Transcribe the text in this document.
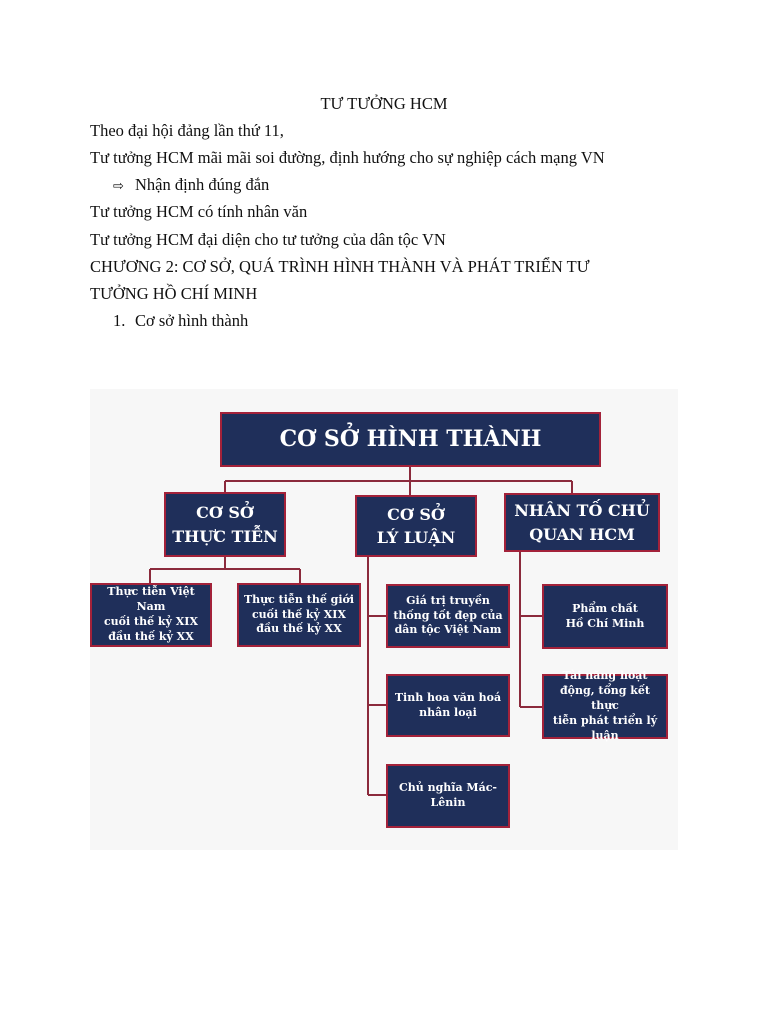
TƯ TƯỞNG HCM
Theo đại hội đảng lần thứ 11,
Tư tưởng HCM mãi mãi soi đường, định hướng cho sự nghiệp cách mạng VN
⇨ Nhận định đúng đắn
Tư tưởng HCM có tính nhân văn
Tư tưởng HCM đại diện cho tư tưởng của dân tộc VN
CHƯƠNG 2: CƠ SỞ, QUÁ TRÌNH HÌNH THÀNH VÀ PHÁT TRIỂN TƯ
TƯỞNG HỒ CHÍ MINH
1. Cơ sở hình thành
CƠ SỞ HÌNH THÀNH
CƠ SỞ
THỰC TIỄN
CƠ SỞ
LÝ LUẬN
NHÂN TỐ CHỦ
QUAN HCM
Thực tiễn Việt Nam
cuối thế kỷ XIX
đầu thế kỷ XX
Thực tiễn thế giới
cuối thế kỷ XIX
đầu thế kỷ XX
Giá trị truyền
thống tốt đẹp của
dân tộc Việt Nam
Tinh hoa văn hoá
nhân loại
Chủ nghĩa Mác-
Lênin
Phẩm chất
Hồ Chí Minh
Tài năng hoạt
động, tổng kết thực
tiễn phát triển lý
luận
